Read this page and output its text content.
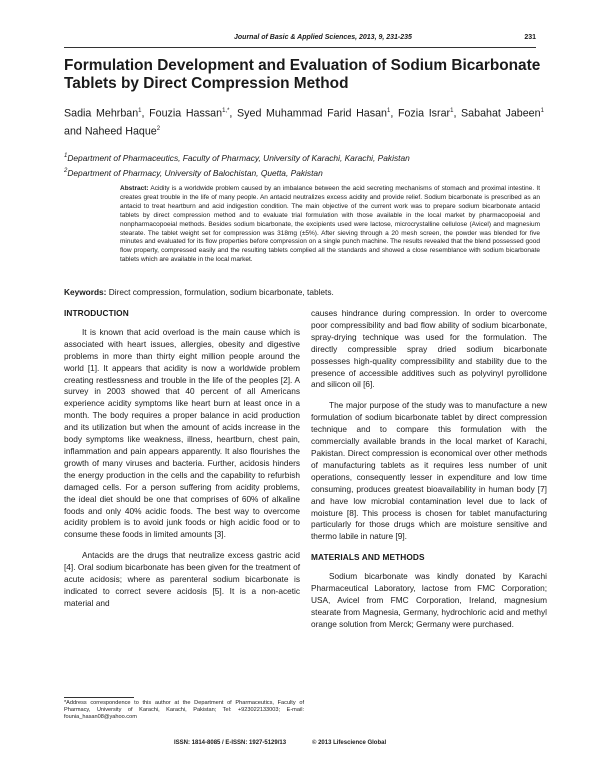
Journal of Basic & Applied Sciences, 2013, 9, 231-235	231
Formulation Development and Evaluation of Sodium Bicarbonate Tablets by Direct Compression Method
Sadia Mehrban$^1$, Fouzia Hassan$^{1,*}$, Syed Muhammad Farid Hasan$^1$, Fozia Israr$^1$, Sabahat Jabeen$^1$ and Naheed Haque$^2$
$^1$Department of Pharmaceutics, Faculty of Pharmacy, University of Karachi, Karachi, Pakistan
$^2$Department of Pharmacy, University of Balochistan, Quetta, Pakistan
Abstract: Acidity is a worldwide problem caused by an imbalance between the acid secreting mechanisms of stomach and proximal intestine. It creates great trouble in the life of many people. An antacid neutralizes excess acidity and provide relief. Sodium bicarbonate is prescribed as an antacid to treat heartburn and acid indigestion condition. The main objective of the current work was to prepare sodium bicarbonate antacid tablets by direct compression method and to evaluate trial formulation with those available in the local market by pharmacopoeial and nonpharmacopoeial methods. Besides sodium bicarbonate, the excipients used were lactose, microcrystalline cellulose (Avicel) and magnesium stearate. The tablet weight set for compression was 318mg (±5%). After sieving through a 20 mesh screen, the powder was blended for five minutes and evaluated for its flow properties before compression on a single punch machine. The results revealed that the blend possessed good flow property, compressed easily and the resulting tablets complied all the standards and showed a close resemblance with sodium bicarbonate tablets which are available in the local market.
Keywords: Direct compression, formulation, sodium bicarbonate, tablets.
INTRODUCTION

It is known that acid overload is the main cause which is associated with heart issues, allergies, obesity and digestive problems in more than thirty eight million people around the world [1]. It appears that acidity is now a worldwide problem creating restlessness and trouble in the life of the peoples [2]. A survey in 2003 showed that 40 percent of all Americans experience acidity symptoms like heart burn at least once in a month. The body requires a proper balance in acid production and its utilization but when the amount of acids increase in the body symptoms like weakness, illness, heartburn, chest pain, inflammation and pain appears apparently. It also flourishes the growth of many viruses and bacteria. Further, acidosis hinders the energy production in the cells and the capability to refurbish damaged cells. For a person suffering from acidity problems, the ideal diet should be one that comprises of 60% of alkaline foods and only 40% acidic foods. The best way to overcome acidity problem is to avoid junk foods or high acidic food or to consume these foods in limited amounts [3].

Antacids are the drugs that neutralize excess gastric acid [4]. Oral sodium bicarbonate has been given for the treatment of acute acidosis; where as parenteral sodium bicarbonate is indicated to correct severe acidosis [5]. It is a non-acetic material and

causes hindrance during compression. In order to overcome poor compressibility and bad flow ability of sodium bicarbonate, spray-drying technique was used for the formulation. The directly compressible spray dried sodium bicarbonate possesses high-quality compressibility and stability due to the presence of accessible additives such as polyvinyl pyrollidone and silicon oil [6].

The major purpose of the study was to manufacture a new formulation of sodium bicarbonate tablet by direct compression technique and to compare this formulation with the commercially available brands in the local market of Karachi, Pakistan. Direct compression is economical over other methods of manufacturing tablets as it requires less number of unit operations, consequently lesser in expenditure and low time consuming, produces greatest bioavailability in human body [7] and have low microbial contamination level due to lack of moisture [8]. This process is chosen for tablet manufacturing particularly for those drugs which are moisture sensitive and thermo labile in nature [9].

MATERIALS AND METHODS

Sodium bicarbonate was kindly donated by Karachi Pharmaceutical Laboratory, lactose from FMC Corporation; USA, Avicel from FMC Corporation, Ireland, magnesium stearate from Magnesia, Germany, hydrochloric acid and methyl orange solution from Merck; Germany were purchased.

*Address correspondence to this author at the Department of Pharmaceutics, Faculty of Pharmacy, University of Karachi, Karachi, Pakistan; Tel: +923022133003; E-mail: founia_hasan08@yahoo.com
ISSN: 1814-8085 / E-ISSN: 1927-5129/13	© 2013 Lifescience Global
